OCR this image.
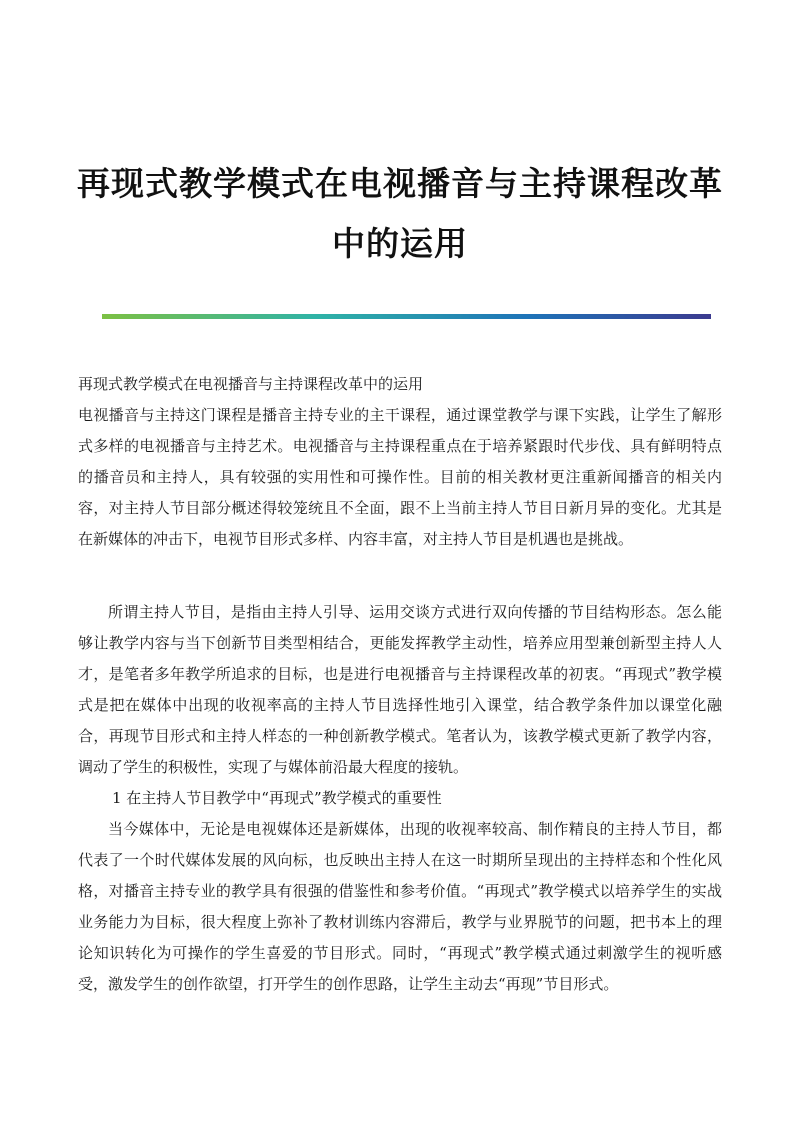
再现式教学模式在电视播音与主持课程改革
中的运用

再现式教学模式在电视播音与主持课程改革中的运用

电视播音与主持这门课程是播音主持专业的主干课程，通过课堂教学与课下实践，让学生了解形式多样的电视播音与主持艺术。电视播音与主持课程重点在于培养紧跟时代步伐、具有鲜明特点的播音员和主持人，具有较强的实用性和可操作性。目前的相关教材更注重新闻播音的相关内容，对主持人节目部分概述得较笼统且不全面，跟不上当前主持人节目日新月异的变化。尤其是在新媒体的冲击下，电视节目形式多样、内容丰富，对主持人节目是机遇也是挑战。

所谓主持人节目，是指由主持人引导、运用交谈方式进行双向传播的节目结构形态。怎么能够让教学内容与当下创新节目类型相结合，更能发挥教学主动性，培养应用型兼创新型主持人人才，是笔者多年教学所追求的目标，也是进行电视播音与主持课程改革的初衷。“再现式”教学模式是把在媒体中出现的收视率高的主持人节目选择性地引入课堂，结合教学条件加以课堂化融合，再现节目形式和主持人样态的一种创新教学模式。笔者认为，该教学模式更新了教学内容，调动了学生的积极性，实现了与媒体前沿最大程度的接轨。

1 在主持人节目教学中“再现式”教学模式的重要性

当今媒体中，无论是电视媒体还是新媒体，出现的收视率较高、制作精良的主持人节目，都代表了一个时代媒体发展的风向标，也反映出主持人在这一时期所呈现出的主持样态和个性化风格，对播音主持专业的教学具有很强的借鉴性和参考价值。“再现式”教学模式以培养学生的实战业务能力为目标，很大程度上弥补了教材训练内容滞后，教学与业界脱节的问题，把书本上的理论知识转化为可操作的学生喜爱的节目形式。同时，“再现式”教学模式通过刺激学生的视听感受，激发学生的创作欲望，打开学生的创作思路，让学生主动去“再现”节目形式。
